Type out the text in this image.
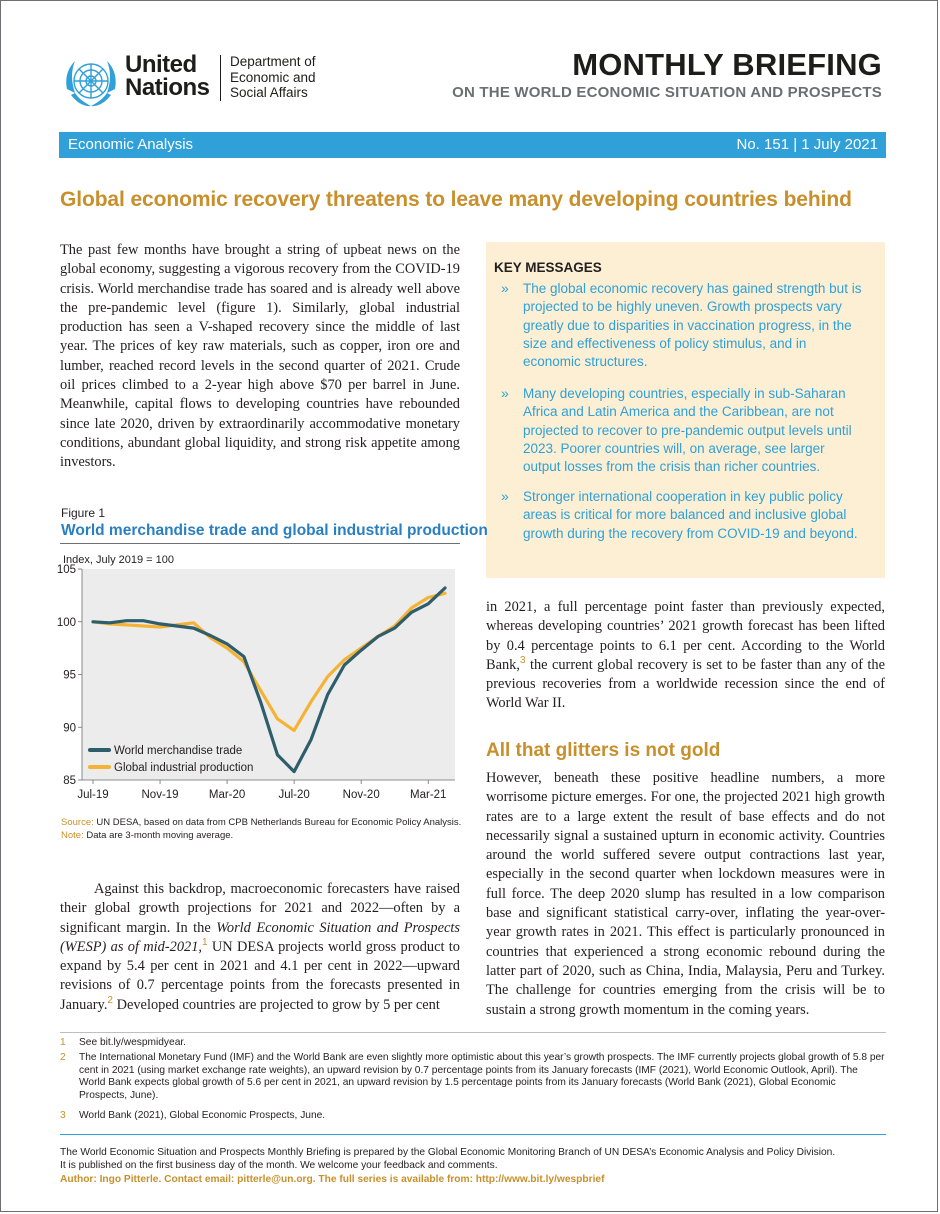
United
Nations
Department of
Economic and
Social Affairs
MONTHLY BRIEFING
ON THE WORLD ECONOMIC SITUATION AND PROSPECTS
Economic Analysis	No. 151 | 1 July 2021
Global economic recovery threatens to leave many developing countries behind

The past few months have brought a string of upbeat news on the global economy, suggesting a vigorous recovery from the COVID-19 crisis. World merchandise trade has soared and is already well above the pre-pandemic level (figure 1). Similarly, global industrial production has seen a V-shaped recovery since the middle of last year. The prices of key raw materials, such as copper, iron ore and lumber, reached record levels in the second quarter of 2021. Crude oil prices climbed to a 2-year high above $70 per barrel in June. Meanwhile, capital flows to developing countries have rebounded since late 2020, driven by extraordinarily accommodative monetary conditions, abundant global liquidity, and strong risk appetite among investors.

KEY MESSAGES
» The global economic recovery has gained strength but is projected to be highly uneven. Growth prospects vary greatly due to disparities in vaccination progress, in the size and effectiveness of policy stimulus, and in economic structures.
» Many developing countries, especially in sub-Saharan Africa and Latin America and the Caribbean, are not projected to recover to pre-pandemic output levels until 2023. Poorer countries will, on average, see larger output losses from the crisis than richer countries.
» Stronger international cooperation in key public policy areas is critical for more balanced and inclusive global growth during the recovery from COVID-19 and beyond.
Figure 1
World merchandise trade and global industrial production
Index, July 2019 = 100
105
100
95
90
85
Jul-19	Nov-19	Mar-20	Jul-20	Nov-20	Mar-21
World merchandise trade
Global industrial production
Source: UN DESA, based on data from CPB Netherlands Bureau for Economic Policy Analysis.
Note: Data are 3-month moving average.

Against this backdrop, macroeconomic forecasters have raised their global growth projections for 2021 and 2022—often by a significant margin. In the World Economic Situation and Prospects (WESP) as of mid-2021,$^1$ UN DESA projects world gross product to expand by 5.4 per cent in 2021 and 4.1 per cent in 2022—upward revisions of 0.7 percentage points from the forecasts presented in January.$^2$ Developed countries are projected to grow by 5 per cent

in 2021, a full percentage point faster than previously expected, whereas developing countries’ 2021 growth forecast has been lifted by 0.4 percentage points to 6.1 per cent. According to the World Bank,$^3$ the current global recovery is set to be faster than any of the previous recoveries from a worldwide recession since the end of World War II.

All that glitters is not gold

However, beneath these positive headline numbers, a more worrisome picture emerges. For one, the projected 2021 high growth rates are to a large extent the result of base effects and do not necessarily signal a sustained upturn in economic activity. Countries around the world suffered severe output contractions last year, especially in the second quarter when lockdown measures were in full force. The deep 2020 slump has resulted in a low comparison base and significant statistical carry-over, inflating the year-over-year growth rates in 2021. This effect is particularly pronounced in countries that experienced a strong economic rebound during the latter part of 2020, such as China, India, Malaysia, Peru and Turkey. The challenge for countries emerging from the crisis will be to sustain a strong growth momentum in the coming years.

1 See bit.ly/wespmidyear.
2 The International Monetary Fund (IMF) and the World Bank are even slightly more optimistic about this year’s growth prospects. The IMF currently projects global growth of 5.8 per cent in 2021 (using market exchange rate weights), an upward revision by 0.7 percentage points from its January forecasts (IMF (2021), World Economic Outlook, April). The World Bank expects global growth of 5.6 per cent in 2021, an upward revision by 1.5 percentage points from its January forecasts (World Bank (2021), Global Economic Prospects, June).
3 World Bank (2021), Global Economic Prospects, June.
The World Economic Situation and Prospects Monthly Briefing is prepared by the Global Economic Monitoring Branch of UN DESA’s Economic Analysis and Policy Division.
It is published on the first business day of the month. We welcome your feedback and comments.
Author: Ingo Pitterle. Contact email: pitterle@un.org. The full series is available from: http://www.bit.ly/wespbrief
